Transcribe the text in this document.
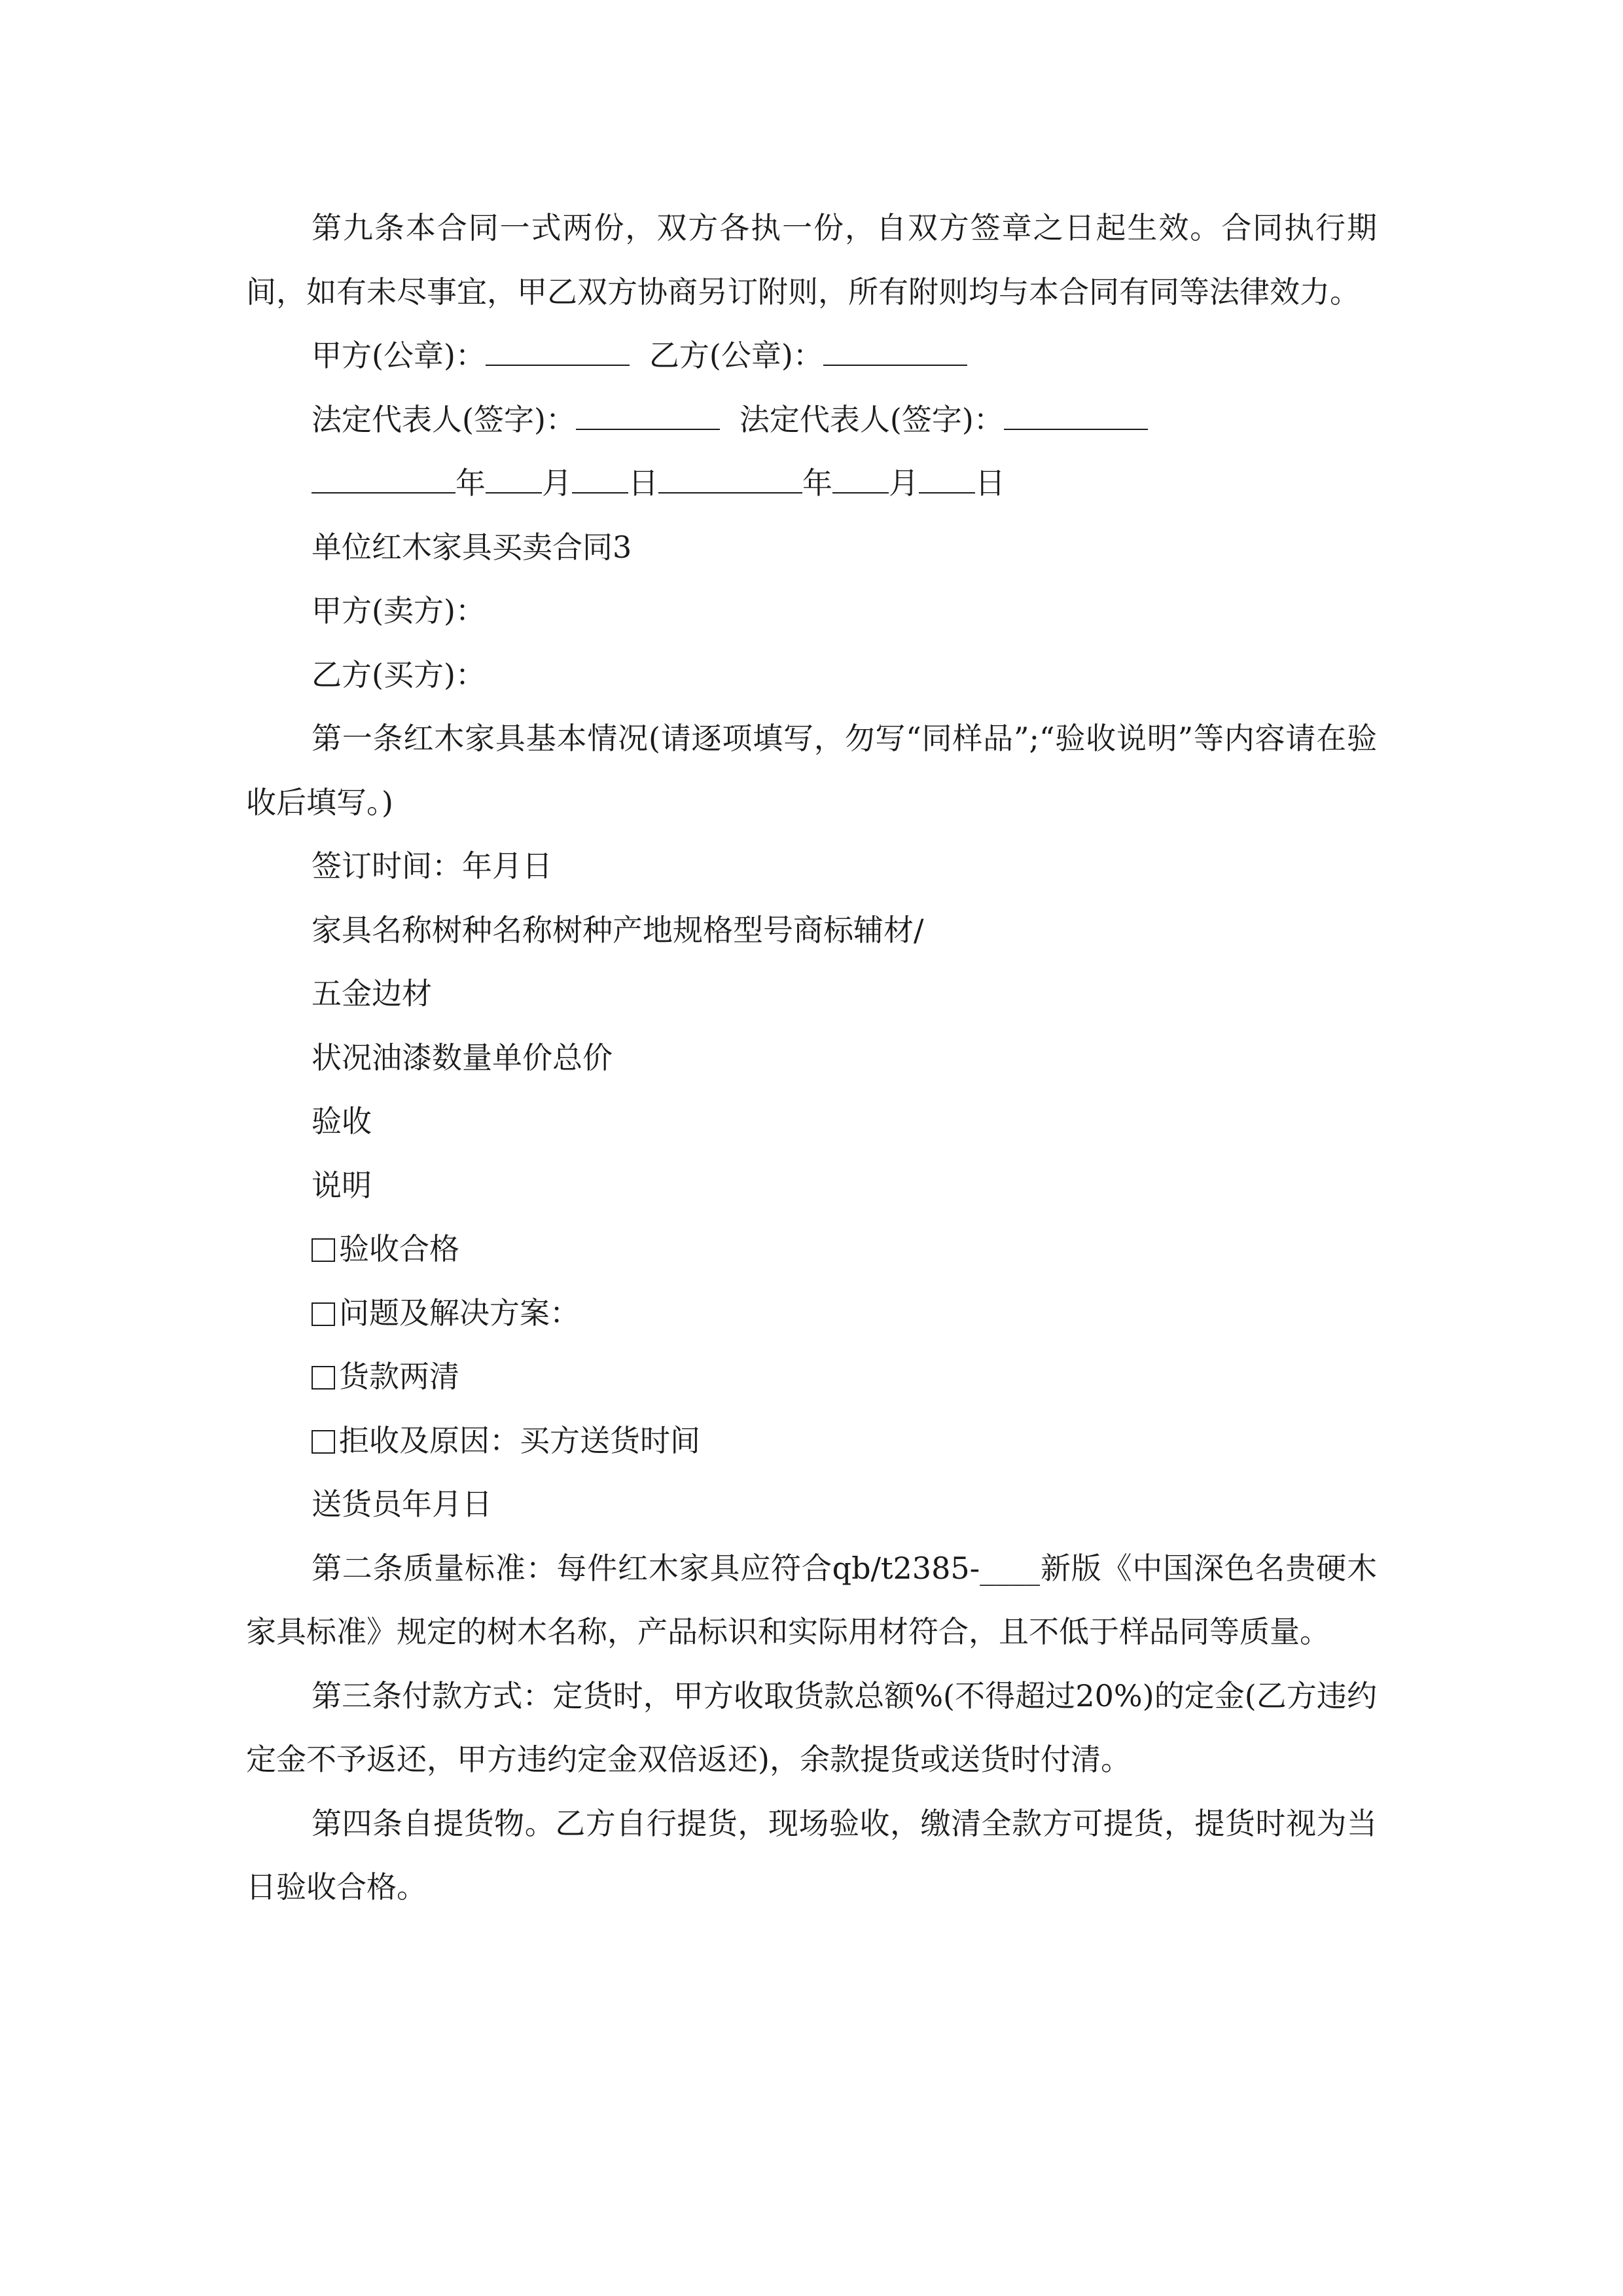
第九条本合同一式两份，双方各执一份，自双方签章之日起生效。合同执行期间，如有未尽事宜，甲乙双方协商另订附则，所有附则均与本合同有同等法律效力。

甲方(公章)：	乙方(公章)：

法定代表人(签字)：	法定代表人(签字)：

年 月 日	年 月 日

单位红木家具买卖合同3

甲方(卖方)：

乙方(买方)：

第一条红木家具基本情况(请逐项填写，勿写“同样品”;“验收说明”等内容请在验收后填写。)

签订时间：年月日

家具名称树种名称树种产地规格型号商标辅材/

五金边材

状况油漆数量单价总价

验收

说明

验收合格

问题及解决方案：

货款两清

拒收及原因：买方送货时间

送货员年月日

第二条质量标准：每件红木家具应符合qb/t2385-____新版《中国深色名贵硬木家具标准》规定的树木名称，产品标识和实际用材符合，且不低于样品同等质量。

第三条付款方式：定货时，甲方收取货款总额%(不得超过20%)的定金(乙方违约定金不予返还，甲方违约定金双倍返还)，余款提货或送货时付清。

第四条自提货物。乙方自行提货，现场验收，缴清全款方可提货，提货时视为当日验收合格。
